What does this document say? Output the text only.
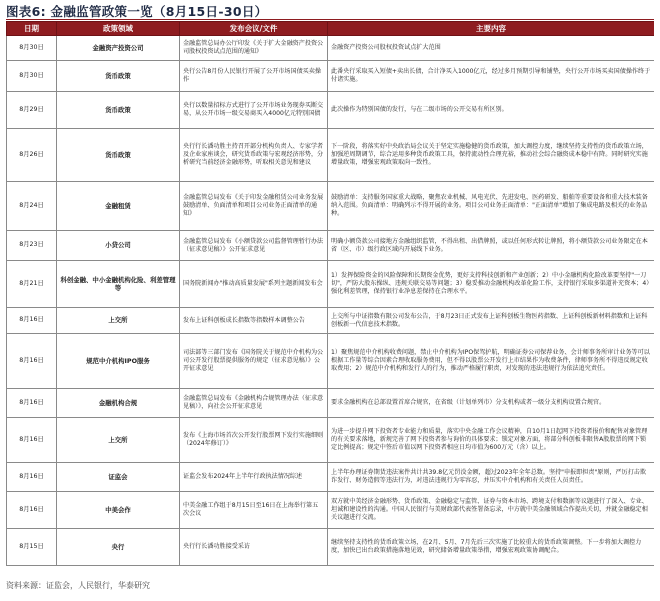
图表6: 金融监管政策一览（8月15日-30日）
日期	政策领域	发布会议/文件	主要内容
8月30日	金融资产投资公司	金融监管总局办公厅印发《关于扩大金融资产投资公司股权投资试点范围的通知》	金融资产投资公司股权投资试点扩大范围
8月30日	货币政策	央行公告8月份人民银行开展了公开市场国债买卖操作	此番央行采取买入短债+卖出长债，合计净买入1000亿元，经过多月预期引导和铺垫，央行公开市场买卖国债操作终于付诸实施。
8月29日	货币政策	央行以数量招标方式进行了公开市场业务现券买断交易，从公开市场一级交易商买入4000亿元特别国债	此次操作为特别国债的发行，与在二级市场的公开交易有所区别。
8月26日	货币政策	央行行长潘功胜主持召开部分机构负责人、专家学者及企业家座谈会，研究货币政策与宏观经济形势，分析研究当前经济金融形势，听取相关意见和建议	下一阶段，将落实好中央政治局会议关于坚定实施稳健的货币政策，加大调控力度，继续坚持支持性的货币政策立场，加强逆周期调节，综合运用多种货币政策工具，保持流动性合理充裕，推动社会综合融资成本稳中有降。同时研究实施增量政策，增强宏观政策取向一致性。
8月24日	金融租赁	金融监管总局发布《关于印发金融租赁公司业务发展鼓励清单、负面清单和项目公司业务正面清单的通知》	鼓励清单：支持服务国家重大战略，聚焦农业机械、风电光伏、先进发电、医药研发、船舶等重要设备和重大技术装备纳入范围。负面清单：明确列示不得开展的业务。项目公司业务正面清单："正面清单"增加了集成电路及相关的业务品种。
8月23日	小贷公司	金融监管总局发布《小额贷款公司监督管理暂行办法（征求意见稿）》公开征求意见	明确小额贷款公司接地方金融组织监管，不得出租、出借牌照，或以任何形式转让牌照，将小额贷款公司业务限定在本省（区、市）级行政区域内开展线下业务。
8月21日	科创金融、中小金融机构化险、利差管理等	国务院新闻办"推动高质量发展"系列主题新闻发布会	1）发挥保险资金的风险保障和长期资金优势，更好支持科技创新和产业创新；2）中小金融机构化险改革要坚持"一刀切"，严防大股东操纵、违规关联交易等问题；3）稳妥推动金融机构改革化险工作，支持银行采取多渠道补充资本；4）强化利差管理，保持银行业净息差保持在合理水平。
8月16日	上交所	发布上证科创板成长指数等指数样本调整公告	上交所与中证指数有限公司发布公告，于8月23日正式发布上证科创板生物医药指数、上证科创板新材料指数和上证科创板新一代信息技术指数。
8月16日	规范中介机构IPO服务	司法部等三部门发布《国务院关于规范中介机构为公司公开发行股票提供服务的规定（征求意见稿）》公开征求意见	1）聚焦规范中介机构收费问题，禁止中介机构为IPO保驾护航，明确证券公司保荐业务、会计师事务所审计业务等可以根据工作量等综合因素合理收取服务费用，但不得以股票公开发行上市结果作为收费条件，律师事务所不得违反规定收取费用；2）规范中介机构和发行人的行为，推动严格履行职责，对发现的违法违规行为依法追究责任。
8月16日	金融机构合规	金融监管总局发布《金融机构合规管理办法（征求意见稿）》，向社会公开征求意见	要求金融机构在总部设置首席合规官，在省级（计划单列市）分支机构或者一级分支机构设置合规官。
8月16日	上交所	发布《上海市场首次公开发行股票网下发行实施细则（2024年修订）》	为进一步提升网下投资者专业能力和质量，落实中央金融工作会议精神，自10月1日起网下投资者报价和配售对象管理的有关要求落地，新规完善了网下投资者参与询价的具体要求；锁定对象方面，将部分科创板非限售A股股票的网下锁定比例提高；规定中签后市值以网下投资者相应日均市值为600万元（含）以上。
8月16日	证监会	证监会发布2024年上半年行政执法情况综述	上半年办理证券期货违法案件共计共39.8亿元罚没金额，超过2023年全年总数。坚持"申报即担责"原则，严厉打击欺诈发行、财务造假等违法行为，对违法违规行为零容忍，并压实中介机构和有关责任人员责任。
8月16日	中美会作	中美金融工作组于8月15日至16日在上海举行第五次会议	双方就中美经济金融形势、货币政策、金融稳定与监管、证券与资本市场、跨境支付和数据等议题进行了深入、专业、坦诚和建设性的沟通。中国人民银行与美财政部代表签署备忘录，中方就中美金融领域合作提出关切，并就金融稳定相关议题进行交流。
8月15日	央行	央行行长潘功胜接受采访	继续坚持支持性的货币政策立场，在2月、5月、7月先后三次实施了比较重大的货币政策调整。下一步将加大调控力度，加快已出台政策措施落地见效，研究储备增量政策举措，增强宏观政策协调配合。
资料来源：证监会，人民银行，华泰研究
